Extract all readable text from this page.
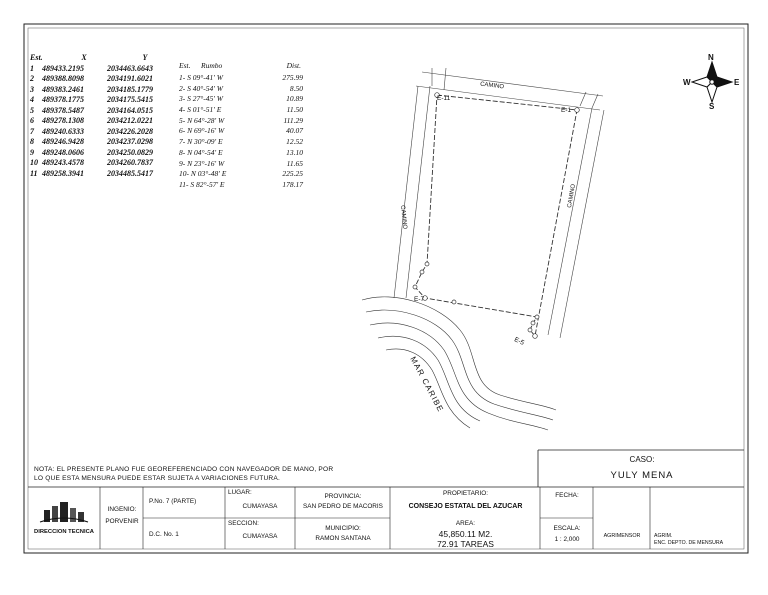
CAMINO
CAMINO
CAMINO
E-11
E-1
E-7
E-5
MAR CARIBE
N
S
E
W
Est.	X	Y
1	489433.2195	2034463.6643
2	489388.8098	2034191.6021
3	489383.2461	2034185.1779
4	489378.1775	2034175.5415
5	489378.5487	2034164.0515
6	489278.1308	2034212.0221
7	489240.6333	2034226.2028
8	489246.9428	2034237.0298
9	489248.0606	2034250.0829
10 489243.4578	2034260.7837
11 489258.3941	2034485.5417
Est.	Rumbo	Dist.
1- S 09°-41' W	275.99
2- S 40°-54' W	8.50
3- S 27°-45' W	10.89
4- S 01°-51' E	11.50
5- N 64°-28' W	111.29
6- N 69°-16' W	40.07
7- N 30°-09' E	12.52
8- N 04°-54' E	13.10
9- N 23°-16' W	11.65
10- N 03°-48' E	225.25
11- S 82°-57' E	178.17
NOTA: EL PRESENTE PLANO FUE GEOREFERENCIADO CON NAVEGADOR DE MANO, POR LO QUE ESTA MENSURA PUEDE ESTAR SUJETA A VARIACIONES FUTURA.
CASO:
YULY MENA
DIRECCION TECNICA
INGENIO:
PORVENIR
P.No. 7 (PARTE)
D.C. No. 1
LUGAR:
CUMAYASA
SECCION:
CUMAYASA
PROVINCIA:
SAN PEDRO DE MACORIS
MUNICIPIO:
RAMON SANTANA
PROPIETARIO:
CONSEJO ESTATAL DEL AZUCAR
AREA:
45,850.11 M2.
72.91 TAREAS
FECHA:
ESCALA:
1 : 2,000	AGRIMENSOR	AGRIM.
ENC. DEPTO. DE MENSURA
